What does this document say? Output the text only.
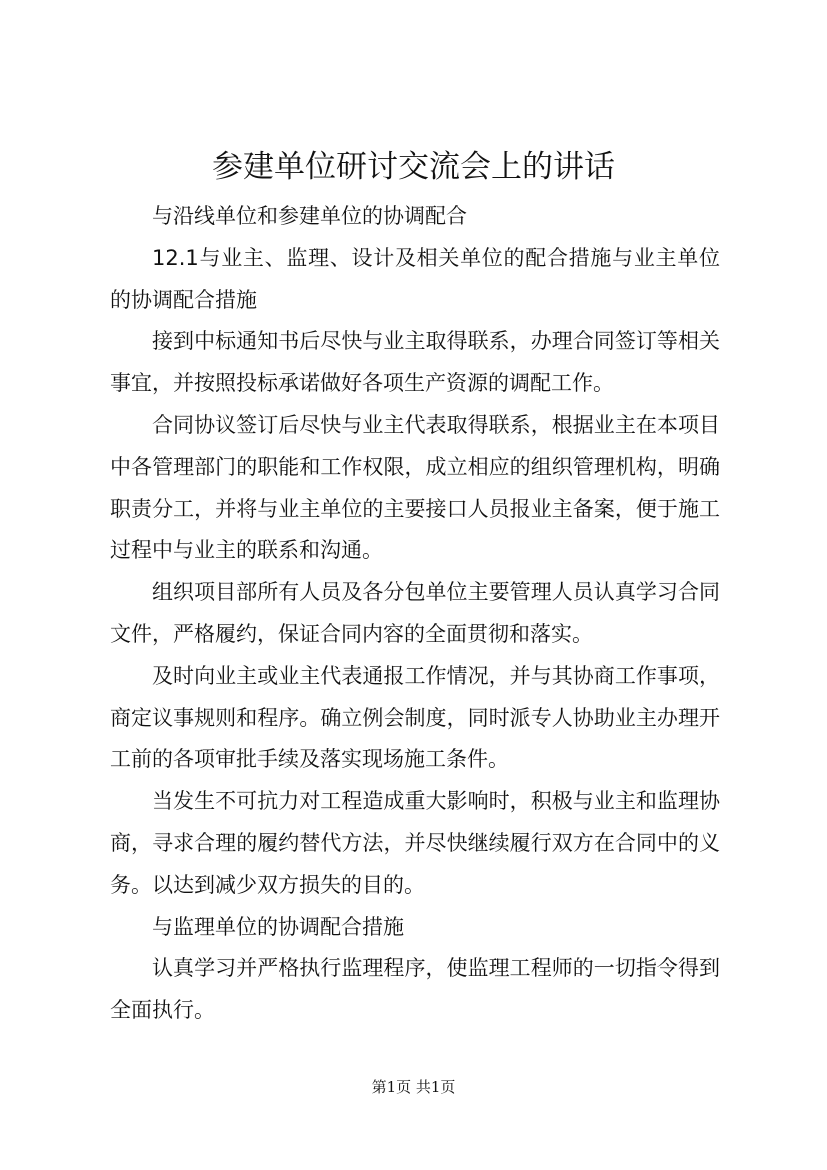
参建单位研讨交流会上的讲话

与沿线单位和参建单位的协调配合

12.1与业主、监理、设计及相关单位的配合措施与业主单位的协调配合措施

接到中标通知书后尽快与业主取得联系，办理合同签订等相关事宜，并按照投标承诺做好各项生产资源的调配工作。

合同协议签订后尽快与业主代表取得联系，根据业主在本项目中各管理部门的职能和工作权限，成立相应的组织管理机构，明确职责分工，并将与业主单位的主要接口人员报业主备案，便于施工过程中与业主的联系和沟通。

组织项目部所有人员及各分包单位主要管理人员认真学习合同文件，严格履约，保证合同内容的全面贯彻和落实。

及时向业主或业主代表通报工作情况，并与其协商工作事项，商定议事规则和程序。确立例会制度，同时派专人协助业主办理开工前的各项审批手续及落实现场施工条件。

当发生不可抗力对工程造成重大影响时，积极与业主和监理协商，寻求合理的履约替代方法，并尽快继续履行双方在合同中的义务。以达到减少双方损失的目的。

与监理单位的协调配合措施

认真学习并严格执行监理程序，使监理工程师的一切指令得到全面执行。

第1页 共1页
